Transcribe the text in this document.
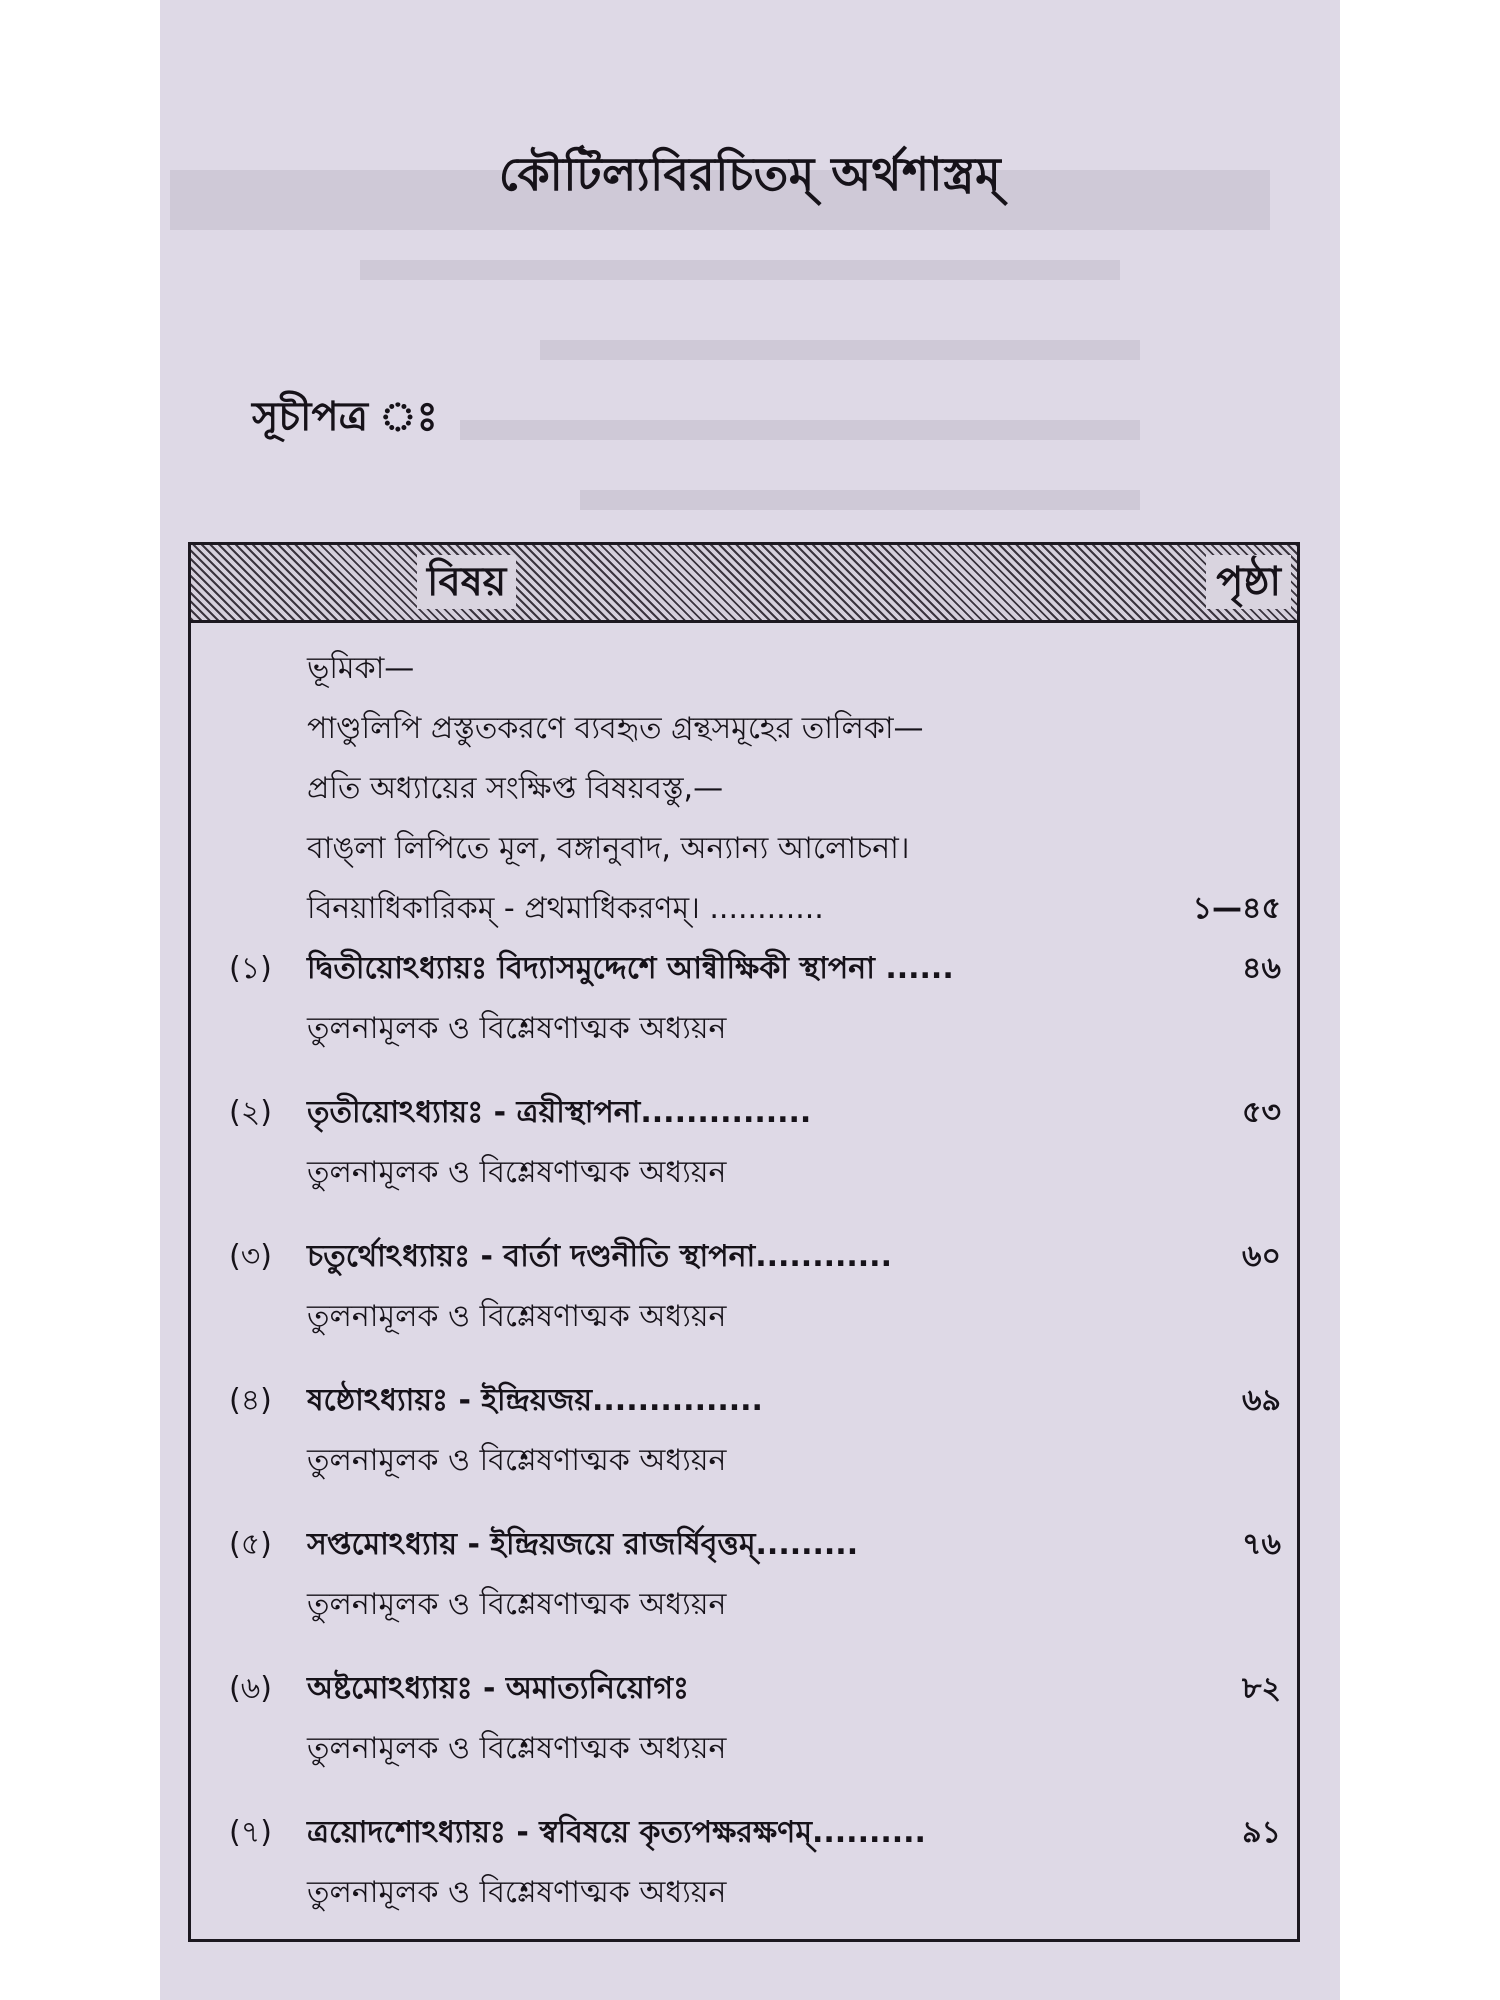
কৌটিল্যবিরচিতম্ অর্থশাস্ত্রম্
সূচীপত্র ঃ
বিষয়	পৃষ্ঠা
ভূমিকা—
পাণ্ডুলিপি প্রস্তুতকরণে ব্যবহৃত গ্রন্থসমূহের তালিকা—
প্রতি অধ্যায়ের সংক্ষিপ্ত বিষয়বস্তু,—
বাঙ্‌লা লিপিতে মূল, বঙ্গানুবাদ, অন্যান্য আলোচনা।
বিনয়াধিকারিকম্ - প্রথমাধিকরণম্। ............	১—৪৫
(১) দ্বিতীয়োঽধ্যায়ঃ বিদ্যাসমুদ্দেশে আন্বীক্ষিকী স্থাপনা ......	৪৬
তুলনামূলক ও বিশ্লেষণাত্মক অধ্যয়ন
(২) তৃতীয়োঽধ্যায়ঃ - ত্রয়ীস্থাপনা...............	৫৩
তুলনামূলক ও বিশ্লেষণাত্মক অধ্যয়ন
(৩) চতুর্থোঽধ্যায়ঃ - বার্তা দণ্ডনীতি স্থাপনা............	৬০
তুলনামূলক ও বিশ্লেষণাত্মক অধ্যয়ন
(৪) ষষ্ঠোঽধ্যায়ঃ - ইন্দ্রিয়জয়...............	৬৯
তুলনামূলক ও বিশ্লেষণাত্মক অধ্যয়ন
(৫) সপ্তমোঽধ্যায় - ইন্দ্রিয়জয়ে রাজর্ষিবৃত্তম্.........	৭৬
তুলনামূলক ও বিশ্লেষণাত্মক অধ্যয়ন
(৬) অষ্টমোঽধ্যায়ঃ - অমাত্যনিয়োগঃ	৮২
তুলনামূলক ও বিশ্লেষণাত্মক অধ্যয়ন
(৭) ত্রয়োদশোঽধ্যায়ঃ - স্ববিষয়ে কৃত্যপক্ষরক্ষণম্..........	৯১
তুলনামূলক ও বিশ্লেষণাত্মক অধ্যয়ন
